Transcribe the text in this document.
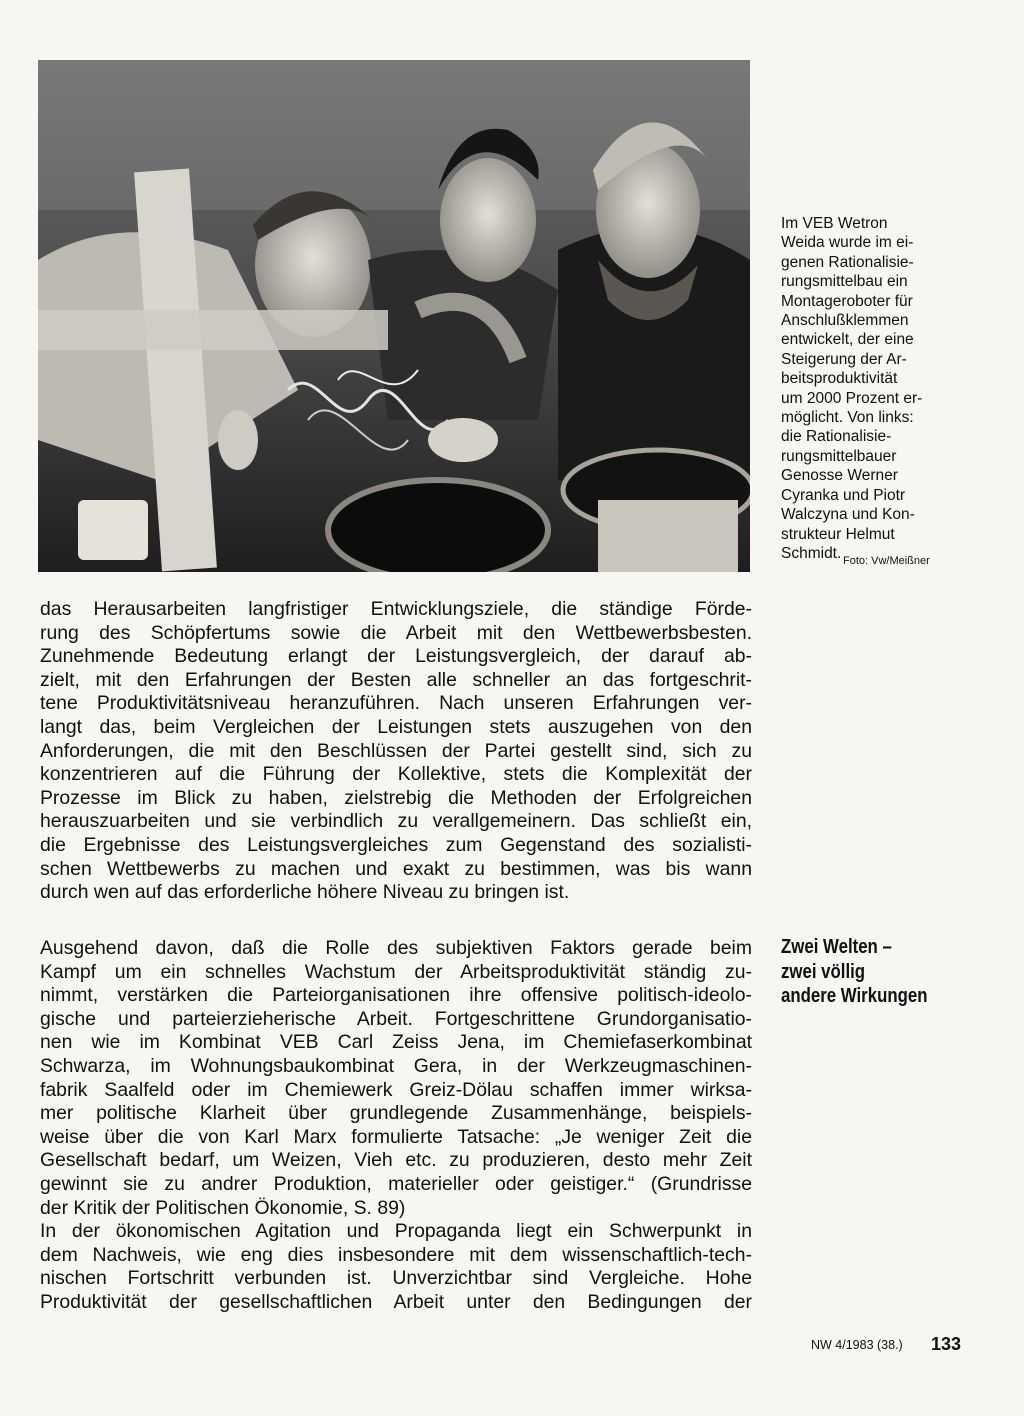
Im VEB Wetron
Weida wurde im ei-
genen Rationalisie-
rungsmittelbau ein
Montageroboter für
Anschlußklemmen
entwickelt, der eine
Steigerung der Ar-
beitsproduktivität
um 2000 Prozent er-
möglicht. Von links:
die Rationalisie-
rungsmittelbauer
Genosse Werner
Cyranka und Piotr
Walczyna und Kon-
strukteur Helmut
Schmidt. Foto: Vw/Meißner
das Herausarbeiten langfristiger Entwicklungsziele, die ständige Förde-
rung des Schöpfertums sowie die Arbeit mit den Wettbewerbsbesten.
Zunehmende Bedeutung erlangt der Leistungsvergleich, der darauf ab-
zielt, mit den Erfahrungen der Besten alle schneller an das fortgeschrit-
tene Produktivitätsniveau heranzuführen. Nach unseren Erfahrungen ver-
langt das, beim Vergleichen der Leistungen stets auszugehen von den
Anforderungen, die mit den Beschlüssen der Partei gestellt sind, sich zu
konzentrieren auf die Führung der Kollektive, stets die Komplexität der
Prozesse im Blick zu haben, zielstrebig die Methoden der Erfolgreichen
herauszuarbeiten und sie verbindlich zu verallgemeinern. Das schließt ein,
die Ergebnisse des Leistungsvergleiches zum Gegenstand des sozialisti-
schen Wettbewerbs zu machen und exakt zu bestimmen, was bis wann
durch wen auf das erforderliche höhere Niveau zu bringen ist.
Zwei Welten –
zwei völlig
andere Wirkungen
Ausgehend davon, daß die Rolle des subjektiven Faktors gerade beim
Kampf um ein schnelles Wachstum der Arbeitsproduktivität ständig zu-
nimmt, verstärken die Parteiorganisationen ihre offensive politisch-ideolo-
gische und parteierzieherische Arbeit. Fortgeschrittene Grundorganisatio-
nen wie im Kombinat VEB Carl Zeiss Jena, im Chemiefaserkombinat
Schwarza, im Wohnungsbaukombinat Gera, in der Werkzeugmaschinen-
fabrik Saalfeld oder im Chemiewerk Greiz-Dölau schaffen immer wirksa-
mer politische Klarheit über grundlegende Zusammenhänge, beispiels-
weise über die von Karl Marx formulierte Tatsache: „Je weniger Zeit die
Gesellschaft bedarf, um Weizen, Vieh etc. zu produzieren, desto mehr Zeit
gewinnt sie zu andrer Produktion, materieller oder geistiger.“ (Grundrisse
der Kritik der Politischen Ökonomie, S. 89)
In der ökonomischen Agitation und Propaganda liegt ein Schwerpunkt in
dem Nachweis, wie eng dies insbesondere mit dem wissenschaftlich-tech-
nischen Fortschritt verbunden ist. Unverzichtbar sind Vergleiche. Hohe
Produktivität der gesellschaftlichen Arbeit unter den Bedingungen der
NW 4/1983 (38.) 133
